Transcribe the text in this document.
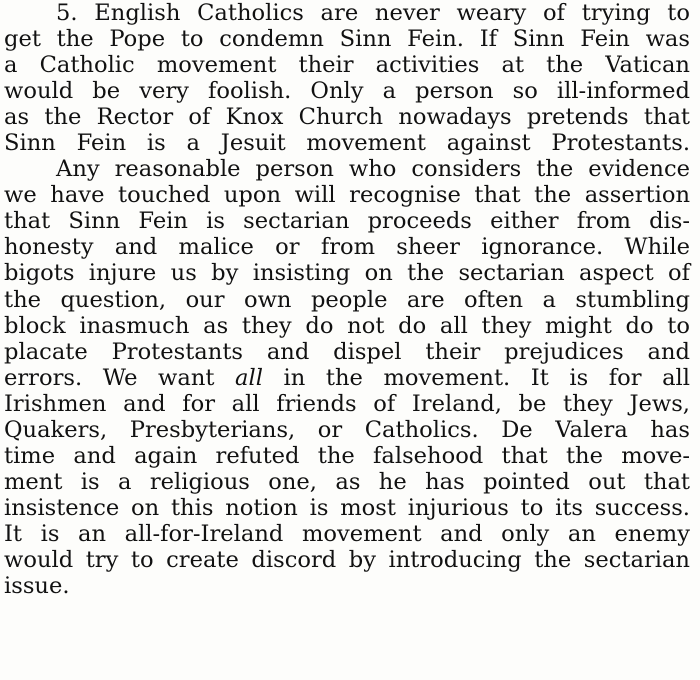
5. English Catholics are never weary of trying to
get the Pope to condemn Sinn Fein. If Sinn Fein was
a Catholic movement their activities at the Vatican
would be very foolish. Only a person so ill-informed
as the Rector of Knox Church nowadays pretends that
Sinn Fein is a Jesuit movement against Protestants.
Any reasonable person who considers the evidence
we have touched upon will recognise that the assertion
that Sinn Fein is sectarian proceeds either from dis-
honesty and malice or from sheer ignorance. While
bigots injure us by insisting on the sectarian aspect of
the question, our own people are often a stumbling
block inasmuch as they do not do all they might do to
placate Protestants and dispel their prejudices and
errors. We want all in the movement. It is for all
Irishmen and for all friends of Ireland, be they Jews,
Quakers, Presbyterians, or Catholics. De Valera has
time and again refuted the falsehood that the move-
ment is a religious one, as he has pointed out that
insistence on this notion is most injurious to its success.
It is an all-for-Ireland movement and only an enemy
would try to create discord by introducing the sectarian
issue.
